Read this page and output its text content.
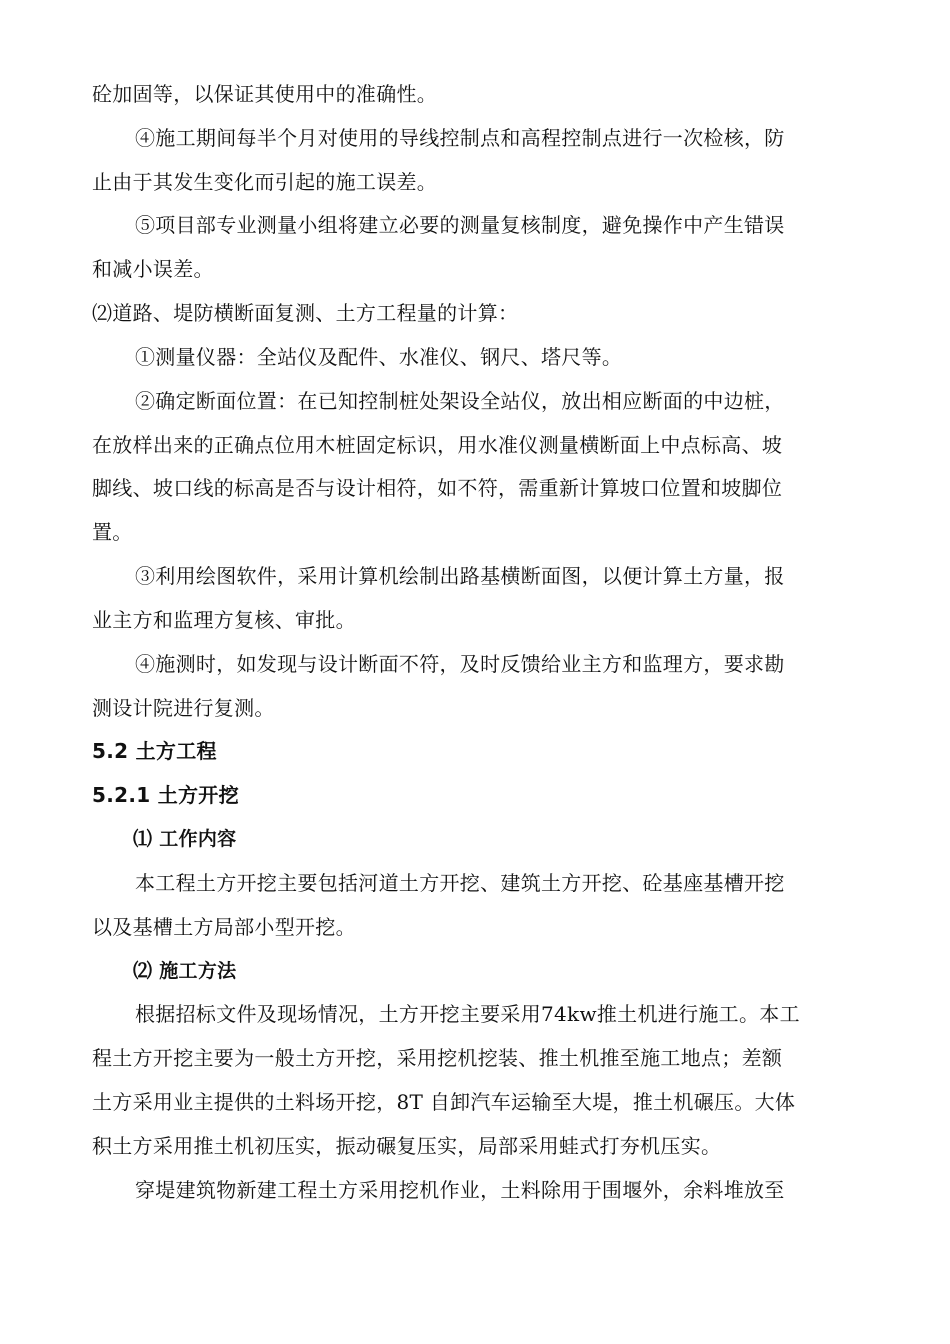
砼加固等，以保证其使用中的准确性。
④施工期间每半个月对使用的导线控制点和高程控制点进行一次检核，防
止由于其发生变化而引起的施工误差。
⑤项目部专业测量小组将建立必要的测量复核制度，避免操作中产生错误
和减小误差。
⑵道路、堤防横断面复测、土方工程量的计算：
①测量仪器：全站仪及配件、水准仪、钢尺、塔尺等。
②确定断面位置：在已知控制桩处架设全站仪，放出相应断面的中边桩，
在放样出来的正确点位用木桩固定标识，用水准仪测量横断面上中点标高、坡
脚线、坡口线的标高是否与设计相符，如不符，需重新计算坡口位置和坡脚位
置。
③利用绘图软件，采用计算机绘制出路基横断面图，以便计算土方量，报
业主方和监理方复核、审批。
④施测时，如发现与设计断面不符，及时反馈给业主方和监理方，要求勘
测设计院进行复测。
5.2 土方工程
5.2.1 土方开挖
⑴ 工作内容
本工程土方开挖主要包括河道土方开挖、建筑土方开挖、砼基座基槽开挖
以及基槽土方局部小型开挖。
⑵ 施工方法
根据招标文件及现场情况，土方开挖主要采用74kw推土机进行施工。本工
程土方开挖主要为一般土方开挖，采用挖机挖装、推土机推至施工地点；差额
土方采用业主提供的土料场开挖，8T 自卸汽车运输至大堤，推土机碾压。大体
积土方采用推土机初压实，振动碾复压实，局部采用蛙式打夯机压实。
穿堤建筑物新建工程土方采用挖机作业，土料除用于围堰外，余料堆放至
